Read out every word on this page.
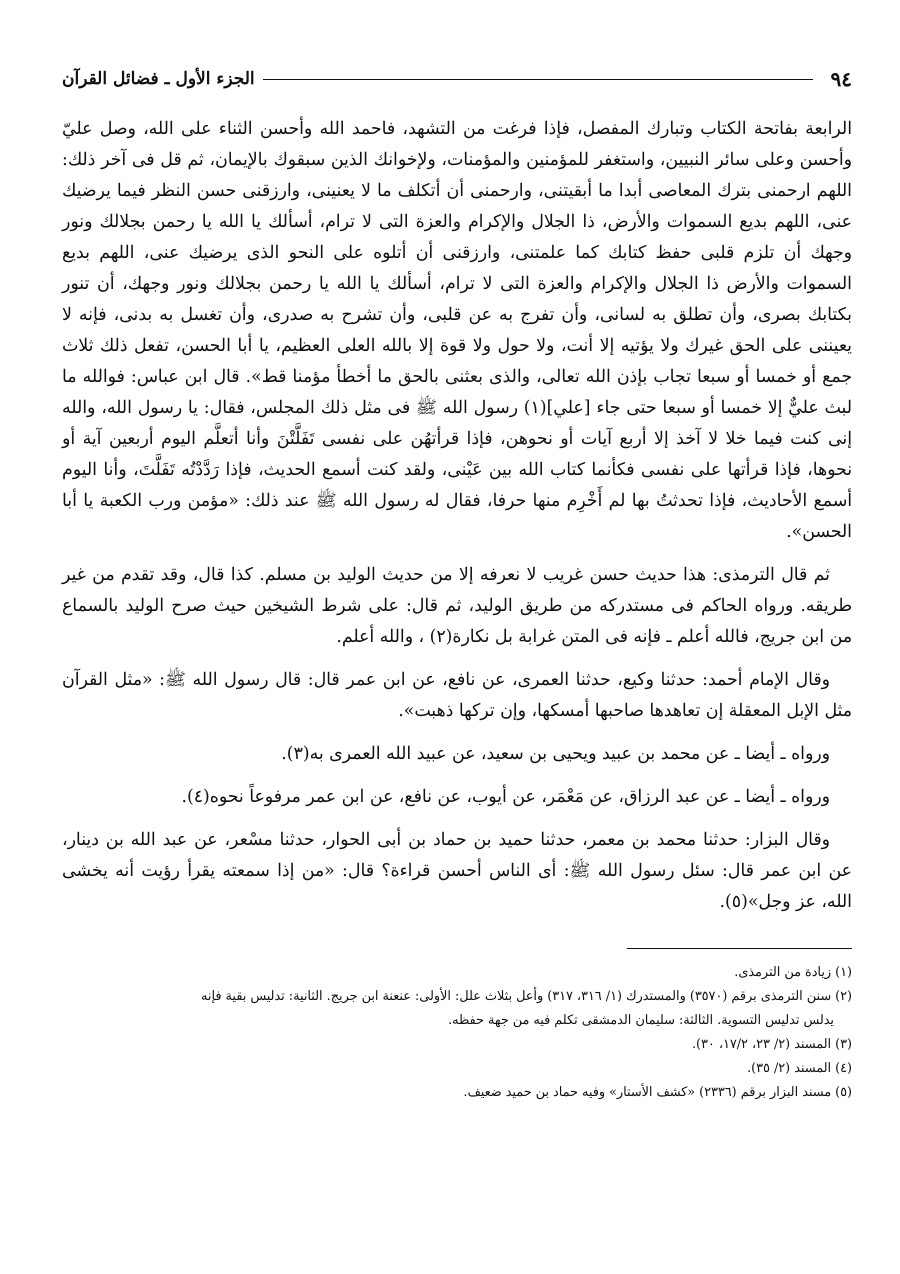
٩٤
الجزء الأول ـ فضائل القرآن

الرابعة بفاتحة الكتاب وتبارك المفصل، فإذا فرغت من التشهد، فاحمد الله وأحسن الثناء على الله، وصل عليّ وأحسن وعلى سائر النبيين، واستغفر للمؤمنين والمؤمنات، ولإخوانك الذين سبقوك بالإيمان، ثم قل فى آخر ذلك: اللهم ارحمنى بترك المعاصى أبدا ما أبقيتنى، وارحمنى أن أتكلف ما لا يعنينى، وارزقنى حسن النظر فيما يرضيك عنى، اللهم بديع السموات والأرض، ذا الجلال والإكرام والعزة التى لا ترام، أسألك يا الله يا رحمن بجلالك ونور وجهك أن تلزم قلبى حفظ كتابك كما علمتنى، وارزقنى أن أتلوه على النحو الذى يرضيك عنى، اللهم بديع السموات والأرض ذا الجلال والإكرام والعزة التى لا ترام، أسألك يا الله يا رحمن بجلالك ونور وجهك، أن تنور بكتابك بصرى، وأن تطلق به لسانى، وأن تفرج به عن قلبى، وأن تشرح به صدرى، وأن تغسل به بدنى، فإنه لا يعيننى على الحق غيرك ولا يؤتيه إلا أنت، ولا حول ولا قوة إلا بالله العلى العظيم، يا أبا الحسن، تفعل ذلك ثلاث جمع أو خمسا أو سبعا تجاب بإذن الله تعالى، والذى بعثنى بالحق ما أخطأ مؤمنا قط». قال ابن عباس: فوالله ما لبث عليٌّ إلا خمسا أو سبعا حتى جاء [علي](١) رسول الله ﷺ فى مثل ذلك المجلس، فقال: يا رسول الله، والله إنى كنت فيما خلا لا آخذ إلا أربع آيات أو نحوهن، فإذا قرأتهُن على نفسى تَفَلَّتْنَ وأنا أتعلَّم اليوم أربعين آية أو نحوها، فإذا قرأتها على نفسى فكأنما كتاب الله بين عَيْنى، ولقد كنت أسمع الحديث، فإذا رَدَّدْتُه تَفَلَّتَ، وأنا اليوم أسمع الأحاديث، فإذا تحدثتُ بها لم أَخْرِم منها حرفا، فقال له رسول الله ﷺ عند ذلك: «مؤمن ورب الكعبة يا أبا الحسن».

ثم قال الترمذى: هذا حديث حسن غريب لا نعرفه إلا من حديث الوليد بن مسلم. كذا قال، وقد تقدم من غير طريقه. ورواه الحاكم فى مستدركه من طريق الوليد، ثم قال: على شرط الشيخين حيث صرح الوليد بالسماع من ابن جريج، فالله أعلم ـ فإنه فى المتن غرابة بل نكارة(٢) ، والله أعلم.

وقال الإمام أحمد: حدثنا وكيع، حدثنا العمرى، عن نافع، عن ابن عمر قال: قال رسول الله ﷺ: «مثل القرآن مثل الإبل المعقلة إن تعاهدها صاحبها أمسكها، وإن تركها ذهبت».

ورواه ـ أيضا ـ عن محمد بن عبيد ويحيى بن سعيد، عن عبيد الله العمرى به(٣).

ورواه ـ أيضا ـ عن عبد الرزاق، عن مَعْمَر، عن أيوب، عن نافع، عن ابن عمر مرفوعاً نحوه(٤).

وقال البزار: حدثنا محمد بن معمر، حدثنا حميد بن حماد بن أبى الحوار، حدثنا مسْعر، عن عبد الله بن دينار، عن ابن عمر قال: سئل رسول الله ﷺ: أى الناس أحسن قراءة؟ قال: «من إذا سمعته يقرأ رؤيت أنه يخشى الله، عز وجل»(٥).

(١) زيادة من الترمذى.

(٢) سنن الترمذى برقم (٣٥٧٠) والمستدرك (١/ ٣١٦، ٣١٧) وأعل بثلاث علل: الأولى: عنعنة ابن جريج. الثانية: تدليس بقية فإنه

يدلس تدليس التسوية. الثالثة: سليمان الدمشقى تكلم فيه من جهة حفظه.

(٣) المسند (٢/ ٢٣، ١٧/٢، ٣٠).

(٤) المسند (٢/ ٣٥).

(٥) مسند البزار برقم (٢٣٣٦) «كشف الأستار» وفيه حماد بن حميد ضعيف.
